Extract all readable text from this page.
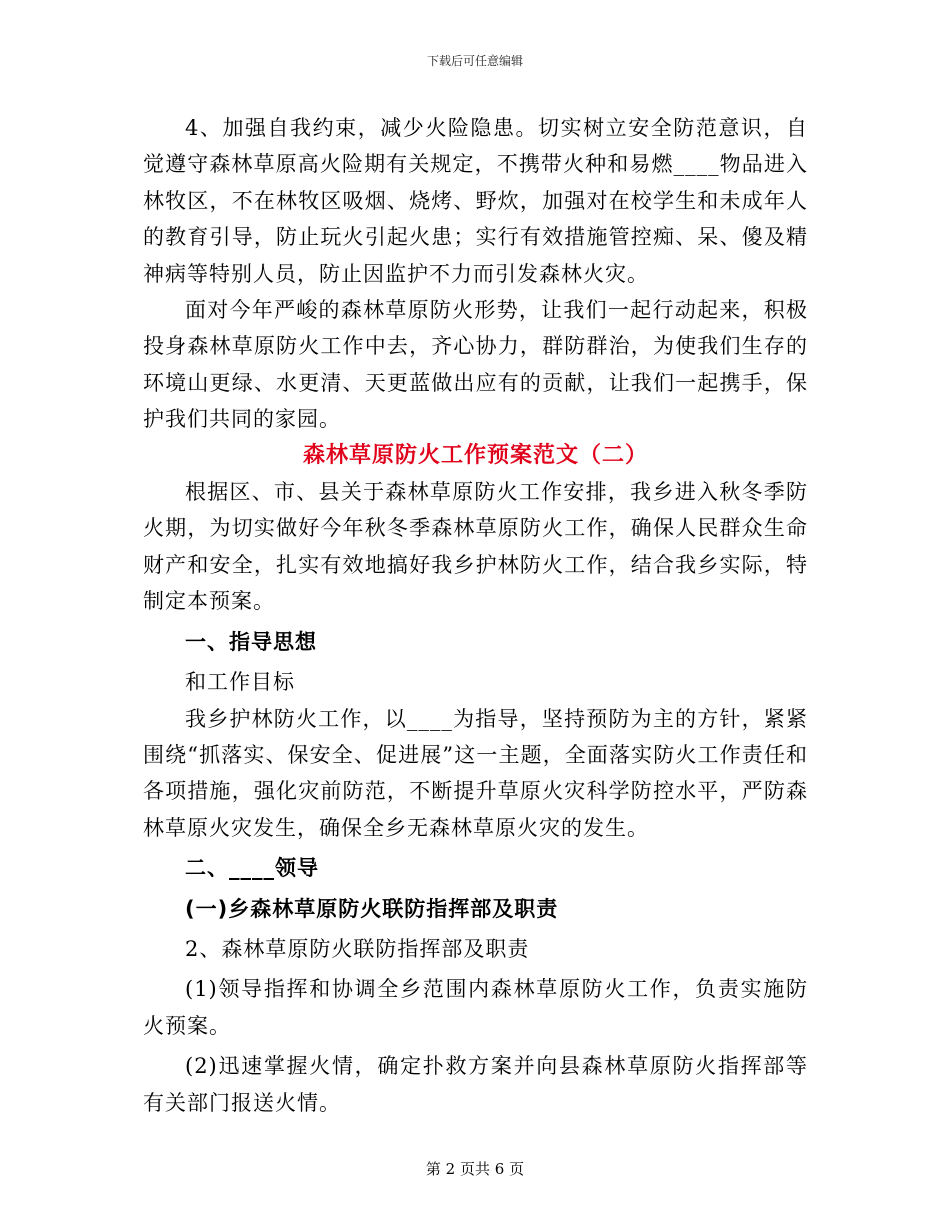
下载后可任意编辑

4、加强自我约束，减少火险隐患。切实树立安全防范意识，自觉遵守森林草原高火险期有关规定，不携带火种和易燃____物品进入林牧区，不在林牧区吸烟、烧烤、野炊，加强对在校学生和未成年人的教育引导，防止玩火引起火患；实行有效措施管控痴、呆、傻及精神病等特别人员，防止因监护不力而引发森林火灾。

面对今年严峻的森林草原防火形势，让我们一起行动起来，积极投身森林草原防火工作中去，齐心协力，群防群治，为使我们生存的环境山更绿、水更清、天更蓝做出应有的贡献，让我们一起携手，保护我们共同的家园。

森林草原防火工作预案范文（二）

根据区、市、县关于森林草原防火工作安排，我乡进入秋冬季防火期，为切实做好今年秋冬季森林草原防火工作，确保人民群众生命财产和安全，扎实有效地搞好我乡护林防火工作，结合我乡实际，特制定本预案。

一、指导思想

和工作目标

我乡护林防火工作，以____为指导，坚持预防为主的方针，紧紧围绕“抓落实、保安全、促进展”这一主题，全面落实防火工作责任和各项措施，强化灾前防范，不断提升草原火灾科学防控水平，严防森林草原火灾发生，确保全乡无森林草原火灾的发生。

二、____领导

(一)乡森林草原防火联防指挥部及职责

2、森林草原防火联防指挥部及职责

(1)领导指挥和协调全乡范围内森林草原防火工作，负责实施防火预案。

(2)迅速掌握火情，确定扑救方案并向县森林草原防火指挥部等有关部门报送火情。

第 2 页共 6 页
